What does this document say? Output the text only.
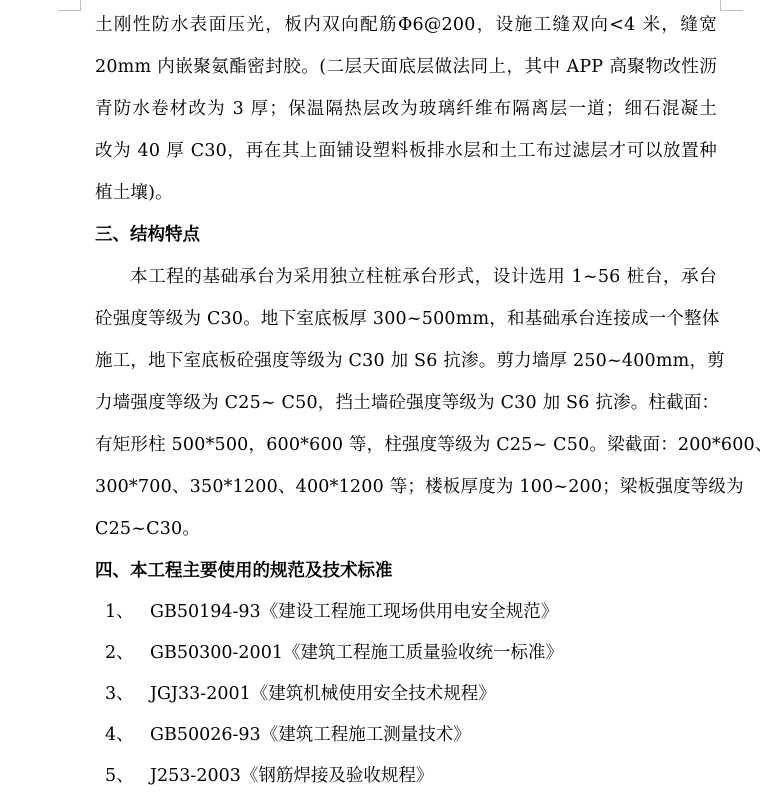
土刚性防水表面压光，板内双向配筋Φ6@200，设施工缝双向<4 米，缝宽
20mm 内嵌聚氨酯密封胶。(二层天面底层做法同上，其中 APP 高聚物改性沥
青防水卷材改为 3 厚；保温隔热层改为玻璃纤维布隔离层一道；细石混凝土
改为 40 厚 C30，再在其上面铺设塑料板排水层和土工布过滤层才可以放置种
植土壤)。
三、结构特点
本工程的基础承台为采用独立柱桩承台形式，设计选用 1~56 桩台，承台
砼强度等级为 C30。地下室底板厚 300~500mm，和基础承台连接成一个整体
施工，地下室底板砼强度等级为 C30 加 S6 抗渗。剪力墙厚 250~400mm，剪
力墙强度等级为 C25~ C50，挡土墙砼强度等级为 C30 加 S6 抗渗。柱截面：
有矩形柱 500*500，600*600 等，柱强度等级为 C25~ C50。梁截面：200*600、
300*700、350*1200、400*1200 等；楼板厚度为 100~200；梁板强度等级为
C25~C30。
四、本工程主要使用的规范及技术标准
1、 GB50194-93《建设工程施工现场供用电安全规范》
2、 GB50300-2001《建筑工程施工质量验收统一标准》
3、 JGJ33-2001《建筑机械使用安全技术规程》
4、 GB50026-93《建筑工程施工测量技术》
5、 J253-2003《钢筋焊接及验收规程》
